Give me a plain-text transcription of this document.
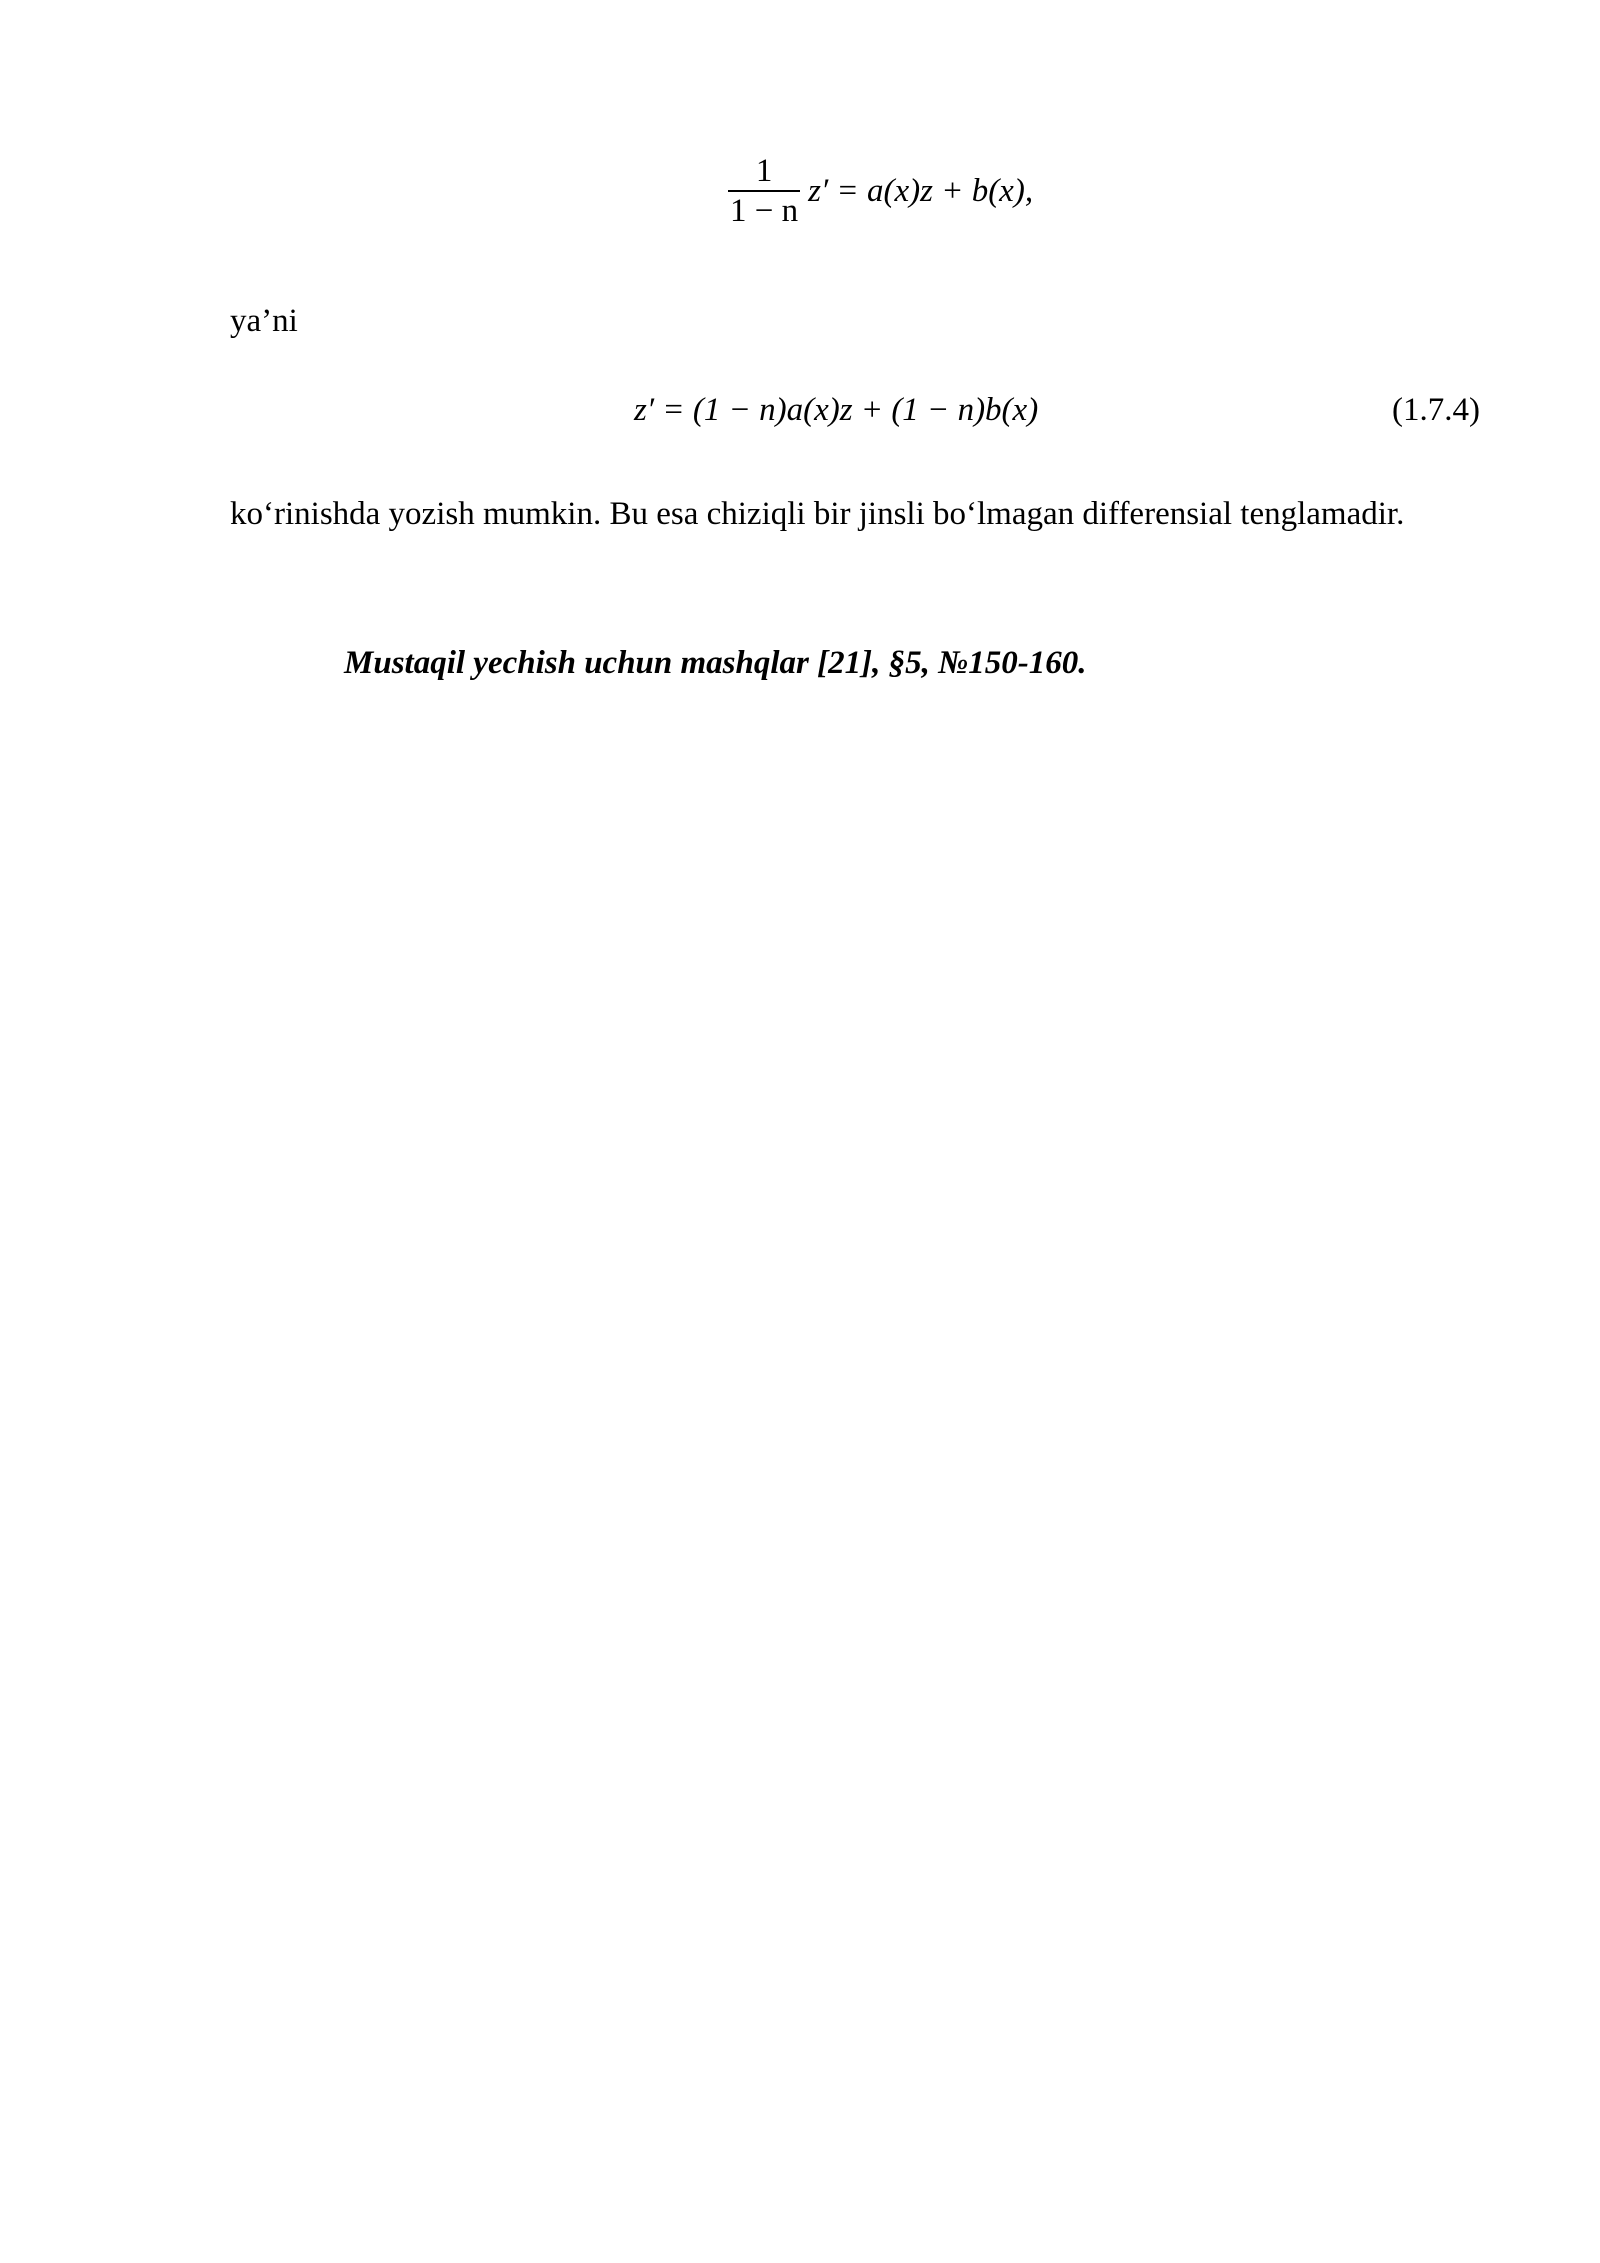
$\frac{1}{1 - n} z' = a(x)z + b(x)$,
ya’ni
z′ = (1 − n)a(x)z + (1 − n)b(x)	(1.7.4)
ko‘rinishda yozish mumkin. Bu esa chiziqli bir jinsli bo‘lmagan differensial tenglamadir.
Mustaqil yechish uchun mashqlar [21], §5, №150-160.
